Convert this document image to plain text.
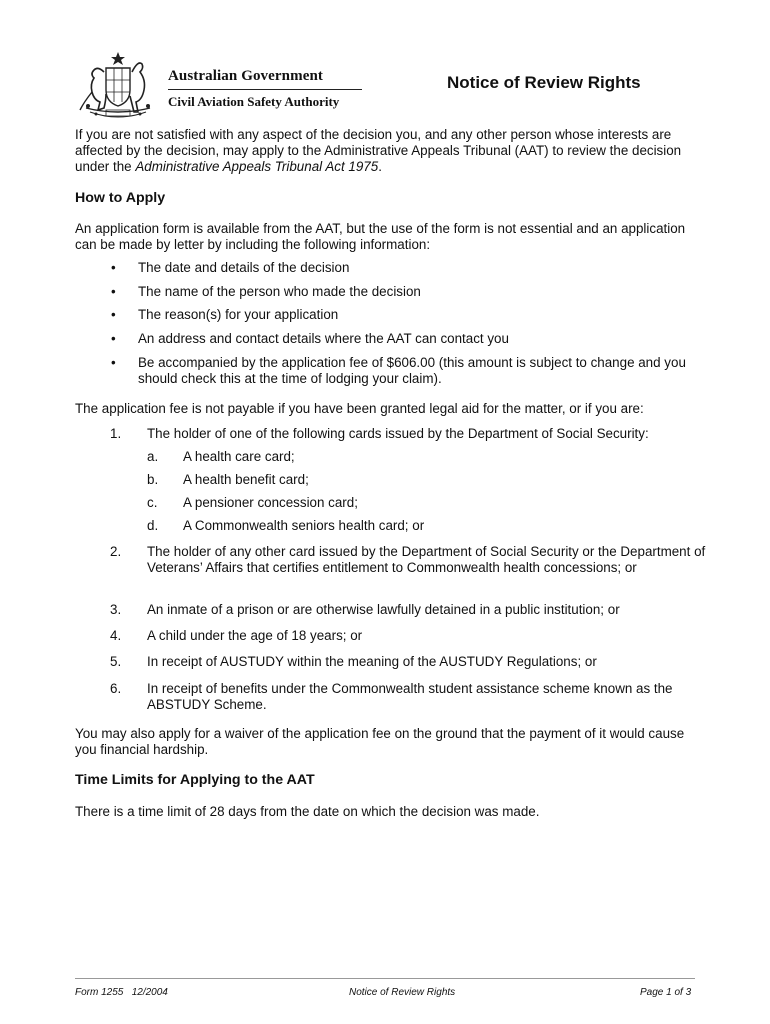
Australian Government
Civil Aviation Safety Authority
Notice of Review Rights
If you are not satisfied with any aspect of the decision you, and any other person whose interests are affected by the decision, may apply to the Administrative Appeals Tribunal (AAT) to review the decision under the Administrative Appeals Tribunal Act 1975.
How to Apply
An application form is available from the AAT, but the use of the form is not essential and an application can be made by letter by including the following information:
• The date and details of the decision
• The name of the person who made the decision
• The reason(s) for your application
• An address and contact details where the AAT can contact you
• Be accompanied by the application fee of $606.00 (this amount is subject to change and you should check this at the time of lodging your claim).
The application fee is not payable if you have been granted legal aid for the matter, or if you are:
1.	The holder of one of the following cards issued by the Department of Social Security:
a.	A health care card;
b.	A health benefit card;
c.	A pensioner concession card;
d.	A Commonwealth seniors health card; or
2.	The holder of any other card issued by the Department of Social Security or the Department of Veterans’ Affairs that certifies entitlement to Commonwealth health concessions; or
3.	An inmate of a prison or are otherwise lawfully detained in a public institution; or
4.	A child under the age of 18 years; or
5.	In receipt of AUSTUDY within the meaning of the AUSTUDY Regulations; or
6.	In receipt of benefits under the Commonwealth student assistance scheme known as the ABSTUDY Scheme.
You may also apply for a waiver of the application fee on the ground that the payment of it would cause you financial hardship.
Time Limits for Applying to the AAT
There is a time limit of 28 days from the date on which the decision was made.
Form 1255   12/2004	Notice of Review Rights	Page 1 of 3
